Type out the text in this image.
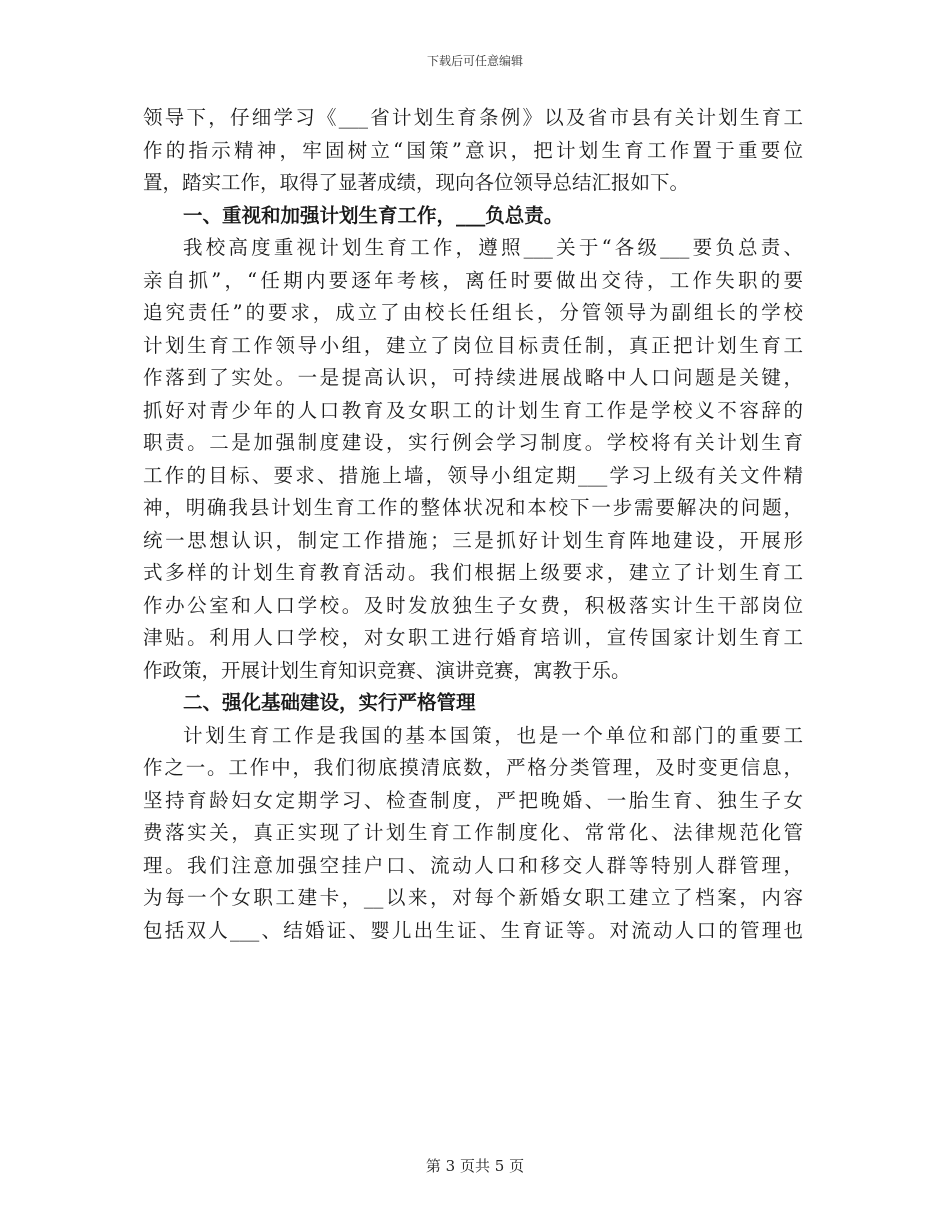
下载后可任意编辑
领导下，仔细学习《___省计划生育条例》以及省市县有关计划生育工
作的指示精神，牢固树立“国策”意识，把计划生育工作置于重要位
置，踏实工作，取得了显著成绩，现向各位领导总结汇报如下。
一、重视和加强计划生育工作，___负总责。
我校高度重视计划生育工作，遵照___关于“各级___要负总责、
亲自抓”，“任期内要逐年考核，离任时要做出交待，工作失职的要
追究责任”的要求，成立了由校长任组长，分管领导为副组长的学校
计划生育工作领导小组，建立了岗位目标责任制，真正把计划生育工
作落到了实处。一是提高认识，可持续进展战略中人口问题是关键，
抓好对青少年的人口教育及女职工的计划生育工作是学校义不容辞的
职责。二是加强制度建设，实行例会学习制度。学校将有关计划生育
工作的目标、要求、措施上墙，领导小组定期___学习上级有关文件精
神，明确我县计划生育工作的整体状况和本校下一步需要解决的问题，
统一思想认识，制定工作措施；三是抓好计划生育阵地建设，开展形
式多样的计划生育教育活动。我们根据上级要求，建立了计划生育工
作办公室和人口学校。及时发放独生子女费，积极落实计生干部岗位
津贴。利用人口学校，对女职工进行婚育培训，宣传国家计划生育工
作政策，开展计划生育知识竞赛、演讲竞赛，寓教于乐。
二、强化基础建设，实行严格管理
计划生育工作是我国的基本国策，也是一个单位和部门的重要工
作之一。工作中，我们彻底摸清底数，严格分类管理，及时变更信息，
坚持育龄妇女定期学习、检查制度，严把晚婚、一胎生育、独生子女
费落实关，真正实现了计划生育工作制度化、常常化、法律规范化管
理。我们注意加强空挂户口、流动人口和移交人群等特别人群管理，
为每一个女职工建卡，__以来，对每个新婚女职工建立了档案，内容
包括双人___、结婚证、婴儿出生证、生育证等。对流动人口的管理也
第 3 页共 5 页
